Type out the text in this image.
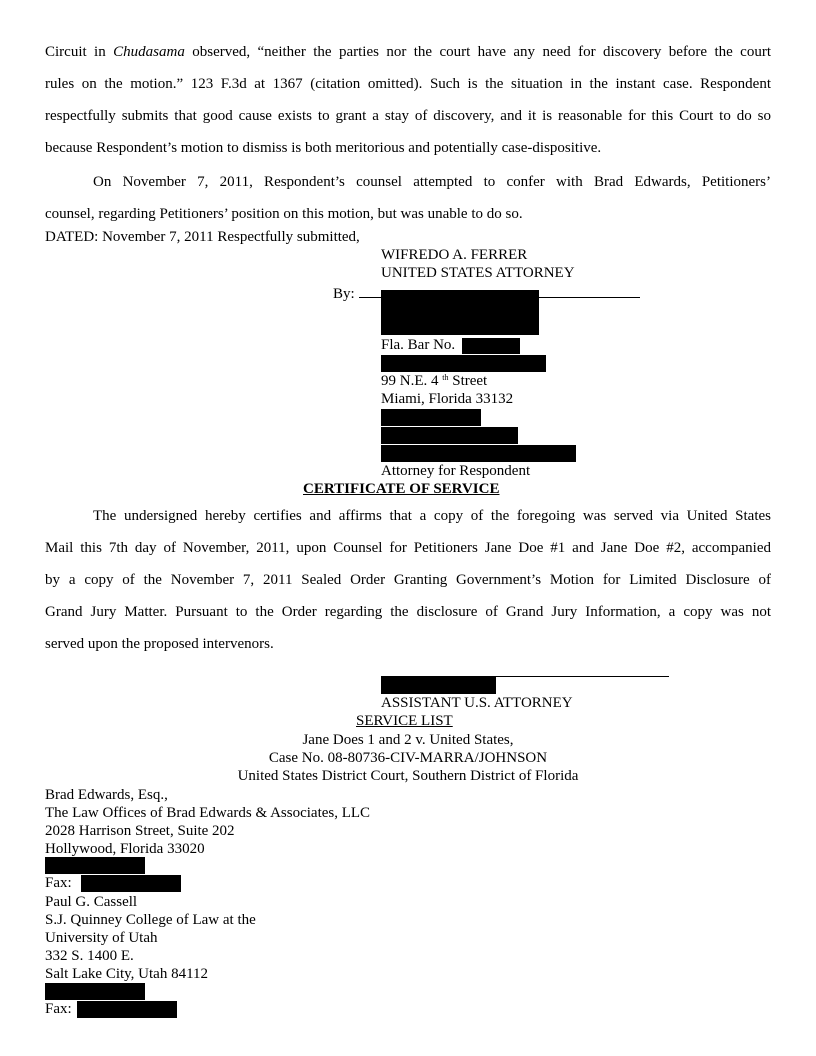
Circuit in Chudasama observed, “neither the parties nor the court have any need for discovery before the court
rules on the motion.” 123 F.3d at 1367 (citation omitted). Such is the situation in the instant case. Respondent
respectfully submits that good cause exists to grant a stay of discovery, and it is reasonable for this Court to do so
because Respondent’s motion to dismiss is both meritorious and potentially case-dispositive.
On November 7, 2011, Respondent’s counsel attempted to confer with Brad Edwards, Petitioners’
counsel, regarding Petitioners’ position on this motion, but was unable to do so.
DATED: November 7, 2011 Respectfully submitted,
WIFREDO A. FERRER
UNITED STATES ATTORNEY
By:
Fla. Bar No.
99 N.E. 4 $^{th}$ Street
Miami, Florida 33132
Attorney for Respondent
CERTIFICATE OF SERVICE
The undersigned hereby certifies and affirms that a copy of the foregoing was served via United States
Mail this 7th day of November, 2011, upon Counsel for Petitioners Jane Doe #1 and Jane Doe #2, accompanied
by a copy of the November 7, 2011 Sealed Order Granting Government’s Motion for Limited Disclosure of
Grand Jury Matter. Pursuant to the Order regarding the disclosure of Grand Jury Information, a copy was not
served upon the proposed intervenors.
ASSISTANT U.S. ATTORNEY
SERVICE LIST
Jane Does 1 and 2 v. United States,
Case No. 08-80736-CIV-MARRA/JOHNSON
United States District Court, Southern District of Florida
Brad Edwards, Esq.,
The Law Offices of Brad Edwards & Associates, LLC
2028 Harrison Street, Suite 202
Hollywood, Florida 33020
Fax:
Paul G. Cassell
S.J. Quinney College of Law at the
University of Utah
332 S. 1400 E.
Salt Lake City, Utah 84112
Fax:
